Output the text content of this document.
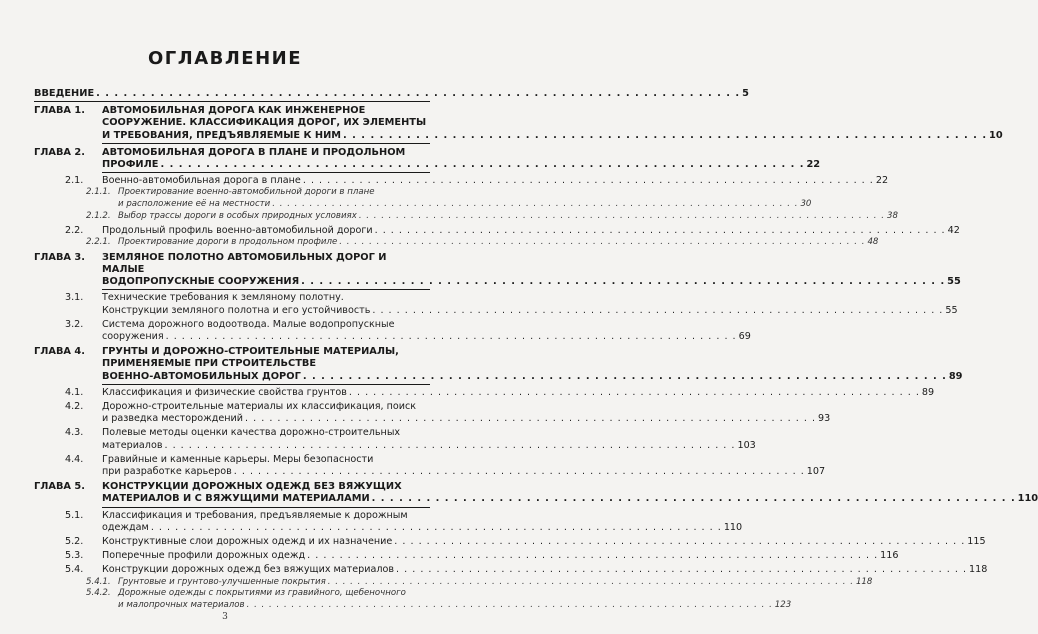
ОГЛАВЛЕНИЕ
ВВЕДЕНИЕ . . . . . . . . . . . . . . . . . . . . . . . . . . . . . . . . . . . . . . . . . . . . . . . . . . . . . . . . . . . . . . . . . . . . . . . 5
ГЛАВА 1. АВТОМОБИЛЬНАЯ ДОРОГА КАК ИНЖЕНЕРНОЕ
СООРУЖЕНИЕ. КЛАССИФИКАЦИЯ ДОРОГ, ИХ ЭЛЕМЕНТЫ
И ТРЕБОВАНИЯ, ПРЕДЪЯВЛЯЕМЫЕ К НИМ . . . . . . . . . . . . . . . . . . . . . . . . . . . . . . . . . . . . . . . . . . . . . . . . . . . . . . . . . . . . . . . . . . . . . . . 10
ГЛАВА 2. АВТОМОБИЛЬНАЯ ДОРОГА В ПЛАНЕ И ПРОДОЛЬНОМ
ПРОФИЛЕ . . . . . . . . . . . . . . . . . . . . . . . . . . . . . . . . . . . . . . . . . . . . . . . . . . . . . . . . . . . . . . . . . . . . . . . 22
2.1. Военно-автомобильная дорога в плане . . . . . . . . . . . . . . . . . . . . . . . . . . . . . . . . . . . . . . . . . . . . . . . . . . . . . . . . . . . . . . . . . . . . . . . 22
2.1.1. Проектирование военно-автомобильной дороги в плане
и расположение её на местности . . . . . . . . . . . . . . . . . . . . . . . . . . . . . . . . . . . . . . . . . . . . . . . . . . . . . . . . . . . . . . . . . . . . . . . 30
2.1.2. Выбор трассы дороги в особых природных условиях . . . . . . . . . . . . . . . . . . . . . . . . . . . . . . . . . . . . . . . . . . . . . . . . . . . . . . . . . . . . . . . . . . . . . . . 38
2.2. Продольный профиль военно-автомобильной дороги . . . . . . . . . . . . . . . . . . . . . . . . . . . . . . . . . . . . . . . . . . . . . . . . . . . . . . . . . . . . . . . . . . . . . . . 42
2.2.1. Проектирование дороги в продольном профиле . . . . . . . . . . . . . . . . . . . . . . . . . . . . . . . . . . . . . . . . . . . . . . . . . . . . . . . . . . . . . . . . . . . . . . . 48
ГЛАВА 3. ЗЕМЛЯНОЕ ПОЛОТНО АВТОМОБИЛЬНЫХ ДОРОГ И МАЛЫЕ
ВОДОПРОПУСКНЫЕ СООРУЖЕНИЯ . . . . . . . . . . . . . . . . . . . . . . . . . . . . . . . . . . . . . . . . . . . . . . . . . . . . . . . . . . . . . . . . . . . . . . . 55
3.1. Технические требования к земляному полотну.
Конструкции земляного полотна и его устойчивость . . . . . . . . . . . . . . . . . . . . . . . . . . . . . . . . . . . . . . . . . . . . . . . . . . . . . . . . . . . . . . . . . . . . . . . 55
3.2. Система дорожного водоотвода. Малые водопропускные
сооружения . . . . . . . . . . . . . . . . . . . . . . . . . . . . . . . . . . . . . . . . . . . . . . . . . . . . . . . . . . . . . . . . . . . . . . . 69
ГЛАВА 4. ГРУНТЫ И ДОРОЖНО-СТРОИТЕЛЬНЫЕ МАТЕРИАЛЫ,
ПРИМЕНЯЕМЫЕ ПРИ СТРОИТЕЛЬСТВЕ
ВОЕННО-АВТОМОБИЛЬНЫХ ДОРОГ . . . . . . . . . . . . . . . . . . . . . . . . . . . . . . . . . . . . . . . . . . . . . . . . . . . . . . . . . . . . . . . . . . . . . . . 89
4.1. Классификация и физические свойства грунтов . . . . . . . . . . . . . . . . . . . . . . . . . . . . . . . . . . . . . . . . . . . . . . . . . . . . . . . . . . . . . . . . . . . . . . . 89
4.2. Дорожно-строительные материалы их классификация, поиск
и разведка месторождений . . . . . . . . . . . . . . . . . . . . . . . . . . . . . . . . . . . . . . . . . . . . . . . . . . . . . . . . . . . . . . . . . . . . . . . 93
4.3. Полевые методы оценки качества дорожно-строительных
материалов . . . . . . . . . . . . . . . . . . . . . . . . . . . . . . . . . . . . . . . . . . . . . . . . . . . . . . . . . . . . . . . . . . . . . . . 103
4.4. Гравийные и каменные карьеры. Меры безопасности
при разработке карьеров . . . . . . . . . . . . . . . . . . . . . . . . . . . . . . . . . . . . . . . . . . . . . . . . . . . . . . . . . . . . . . . . . . . . . . . 107
ГЛАВА 5. КОНСТРУКЦИИ ДОРОЖНЫХ ОДЕЖД БЕЗ ВЯЖУЩИХ
МАТЕРИАЛОВ И С ВЯЖУЩИМИ МАТЕРИАЛАМИ . . . . . . . . . . . . . . . . . . . . . . . . . . . . . . . . . . . . . . . . . . . . . . . . . . . . . . . . . . . . . . . . . . . . . . . 110
5.1. Классификация и требования, предъявляемые к дорожным
одеждам . . . . . . . . . . . . . . . . . . . . . . . . . . . . . . . . . . . . . . . . . . . . . . . . . . . . . . . . . . . . . . . . . . . . . . . 110
5.2. Конструктивные слои дорожных одежд и их назначение . . . . . . . . . . . . . . . . . . . . . . . . . . . . . . . . . . . . . . . . . . . . . . . . . . . . . . . . . . . . . . . . . . . . . . . 115
5.3. Поперечные профили дорожных одежд . . . . . . . . . . . . . . . . . . . . . . . . . . . . . . . . . . . . . . . . . . . . . . . . . . . . . . . . . . . . . . . . . . . . . . . 116
5.4. Конструкции дорожных одежд без вяжущих материалов . . . . . . . . . . . . . . . . . . . . . . . . . . . . . . . . . . . . . . . . . . . . . . . . . . . . . . . . . . . . . . . . . . . . . . . 118
5.4.1. Грунтовые и грунтово-улучшенные покрытия . . . . . . . . . . . . . . . . . . . . . . . . . . . . . . . . . . . . . . . . . . . . . . . . . . . . . . . . . . . . . . . . . . . . . . . 118
5.4.2. Дорожные одежды с покрытиями из гравийного, щебеночного
и малопрочных материалов . . . . . . . . . . . . . . . . . . . . . . . . . . . . . . . . . . . . . . . . . . . . . . . . . . . . . . . . . . . . . . . . . . . . . . . 123
3
